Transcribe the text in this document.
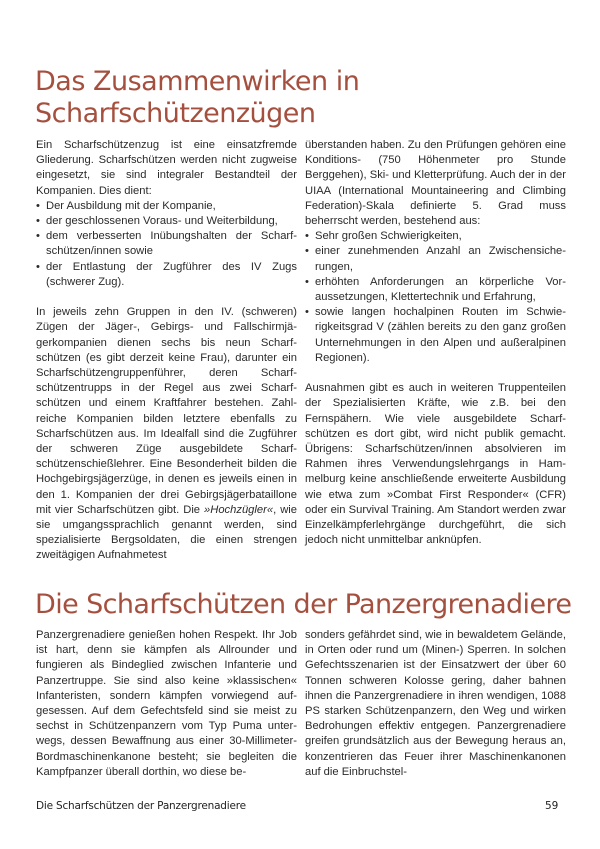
Das Zusammenwirken in
Scharfschützenzügen

Ein Scharfschützenzug ist eine einsatzfremde Gliederung. Scharfschützen werden nicht zugweise eingesetzt, sie sind integraler Bestandteil der Kompanien. Dies dient:

• Der Ausbildung mit der Kompanie,
• der geschlossenen Voraus- und Weiterbildung,
• dem verbesserten Inübungshalten der Scharfschützen/innen sowie
• der Entlastung der Zugführer des IV Zugs (schwerer Zug).

In jeweils zehn Gruppen in den IV. (schweren) Zügen der Jäger-, Gebirgs- und Fallschirmjägerkompanien dienen sechs bis neun Scharfschützen (es gibt derzeit keine Frau), darunter ein Scharfschützengruppenführer, deren Scharfschützentrupps in der Regel aus zwei Scharfschützen und einem Kraftfahrer bestehen. Zahlreiche Kompanien bilden letztere ebenfalls zu Scharfschützen aus. Im Idealfall sind die Zugführer der schweren Züge ausgebildete Scharfschützenschießlehrer. Eine Besonderheit bilden die Hochgebirgsjägerzüge, in denen es jeweils einen in den 1. Kompanien der drei Gebirgsjägerbataillone mit vier Scharfschützen gibt. Die »Hochzügler«, wie sie umgangssprachlich genannt werden, sind spezialisierte Bergsoldaten, die einen strengen zweitägigen Aufnahmetest

überstanden haben. Zu den Prüfungen gehören eine Konditions- (750 Höhenmeter pro Stunde Berggehen), Ski- und Kletterprüfung. Auch der in der UIAA (International Mountaineering and Climbing Federation)-Skala definierte 5. Grad muss beherrscht werden, bestehend aus:

• Sehr großen Schwierigkeiten,
• einer zunehmenden Anzahl an Zwischensicherungen,
• erhöhten Anforderungen an körperliche Voraussetzungen, Klettertechnik und Erfahrung,
• sowie langen hochalpinen Routen im Schwierigkeitsgrad V (zählen bereits zu den ganz großen Unternehmungen in den Alpen und außeralpinen Regionen).

Ausnahmen gibt es auch in weiteren Truppenteilen der Spezialisierten Kräfte, wie z.B. bei den Fernspähern. Wie viele ausgebildete Scharfschützen es dort gibt, wird nicht publik gemacht. Übrigens: Scharfschützen/innen absolvieren im Rahmen ihres Verwendungslehrgangs in Hammelburg keine anschließende erweiterte Ausbildung wie etwa zum »Combat First Responder« (CFR) oder ein Survival Training. Am Standort werden zwar Einzelkämpferlehrgänge durchgeführt, die sich jedoch nicht unmittelbar anknüpfen.

Die Scharfschützen der Panzergrenadiere

Panzergrenadiere genießen hohen Respekt. Ihr Job ist hart, denn sie kämpfen als Allrounder und fungieren als Bindeglied zwischen Infanterie und Panzertruppe. Sie sind also keine »klassischen« Infanteristen, sondern kämpfen vorwiegend aufgesessen. Auf dem Gefechtsfeld sind sie meist zu sechst in Schützenpanzern vom Typ Puma unterwegs, dessen Bewaffnung aus einer 30-Millimeter-Bordmaschinenkanone besteht; sie begleiten die Kampfpanzer überall dorthin, wo diese be-

sonders gefährdet sind, wie in bewaldetem Gelände, in Orten oder rund um (Minen-) Sperren. In solchen Gefechtsszenarien ist der Einsatzwert der über 60 Tonnen schweren Kolosse gering, daher bahnen ihnen die Panzergrenadiere in ihren wendigen, 1088 PS starken Schützenpanzern, den Weg und wirken Bedrohungen effektiv entgegen. Panzergrenadiere greifen grundsätzlich aus der Bewegung heraus an, konzentrieren das Feuer ihrer Maschinenkanonen auf die Einbruchstel-

Die Scharfschützen der Panzergrenadiere	59
